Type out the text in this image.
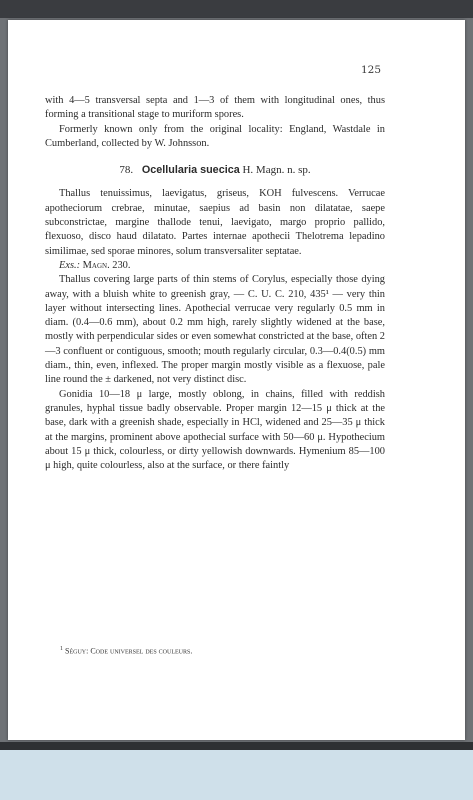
125

with 4—5 transversal septa and 1—3 of them with longitudinal ones, thus forming a transitional stage to muriform spores.

Formerly known only from the original locality: England, Wastdale in Cumberland, collected by W. Johnsson.

78. Ocellularia suecica H. Magn. n. sp.

Thallus tenuissimus, laevigatus, griseus, KOH fulvescens. Verrucae apotheciorum crebrae, minutae, saepius ad basin non dilatatae, saepe subconstrictae, margine thallode tenui, laevigato, margo proprio pallido, flexuoso, disco haud dilatato. Partes internae apothecii Thelotrema lepadino similimae, sed sporae minores, solum transversaliter septatae.

Exs.: Magn. 230.

Thallus covering large parts of thin stems of Corylus, especially those dying away, with a bluish white to greenish gray, — C. U. C. 210, 435¹ — very thin layer without intersecting lines. Apothecial verrucae very regularly 0.5 mm in diam. (0.4—0.6 mm), about 0.2 mm high, rarely slightly widened at the base, mostly with perpendicular sides or even somewhat constricted at the base, often 2—3 confluent or contiguous, smooth; mouth regularly circular, 0.3—0.4(0.5) mm diam., thin, even, inflexed. The proper margin mostly visible as a flexuose, pale line round the ± darkened, not very distinct disc.

Gonidia 10—18 μ large, mostly oblong, in chains, filled with reddish granules, hyphal tissue badly observable. Proper margin 12—15 μ thick at the base, dark with a greenish shade, especially in HCl, widened and 25—35 μ thick at the margins, prominent above apothecial surface with 50—60 μ. Hypothecium about 15 μ thick, colourless, or dirty yellowish downwards. Hymenium 85—100 μ high, quite colourless, also at the surface, or there faintly

$^1$ Séguy: Code universel des couleurs.
